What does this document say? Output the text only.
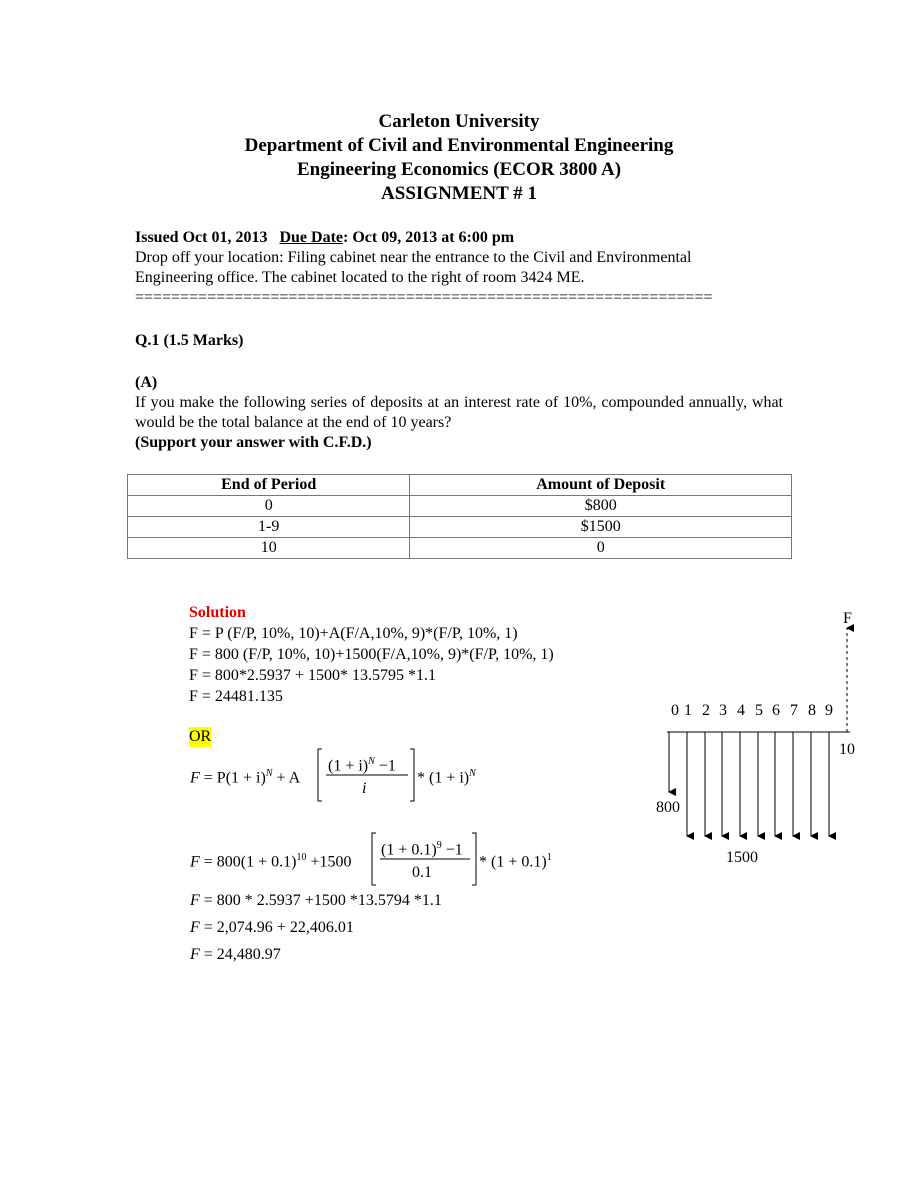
Carleton University
Department of Civil and Environmental Engineering
Engineering Economics (ECOR 3800 A)
ASSIGNMENT # 1
Issued Oct 01, 2013 Due Date: Oct 09, 2013 at 6:00 pm
Drop off your location: Filing cabinet near the entrance to the Civil and Environmental
Engineering office. The cabinet located to the right of room 3424 ME.
================================================================
Q.1 (1.5 Marks)
(A)
If you make the following series of deposits at an interest rate of 10%, compounded annually, what would be the total balance at the end of 10 years?
(Support your answer with C.F.D.)
End of Period	Amount of Deposit
0	$800
1-9	$1500
10	0
Solution
F = P (F/P, 10%, 10)+A(F/A,10%, 9)*(F/P, 10%, 1)
F = 800 (F/P, 10%, 10)+1500(F/A,10%, 9)*(F/P, 10%, 1)
F = 800*2.5937 + 1500* 13.5795 *1.1
F = 24481.135
OR
$F = P(1 + i)^N + A$
$(1 + i)^N -1$
i
* $(1 + i)^N$
$F = 800(1 + 0.1)^{10} +1500$
$(1 + 0.1)^9 -1$
0.1
* $(1 + 0.1)^1$
F = 800 * 2.5937 +1500 *13.5794 *1.1
F = 2,074.96 + 22,406.01
F = 24,480.97
F
0 1 2 3 4 5 6 7 8 9
10
800
1500
